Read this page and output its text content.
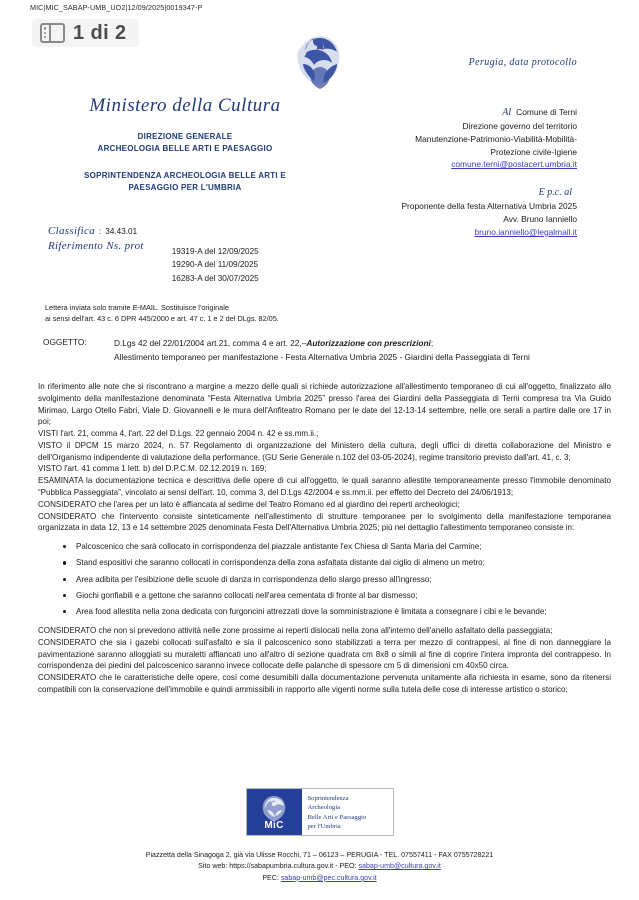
MIC|MIC_SABAP-UMB_UO2|12/09/2025|0019347-P
1 di 2
Ministero della Cultura
DIREZIONE GENERALE
ARCHEOLOGIA BELLE ARTI E PAESAGGIO
SOPRINTENDENZA ARCHEOLOGIA BELLE ARTI E
PAESAGGIO PER L'UMBRIA
Perugia, data protocollo
Al Comune di Terni
Direzione governo del territorio
Manutenzione-Patrimonio-Viabilità-Mobilità-
Protezione civile-Igiene
comune.terni@postacert.umbria.it
E p.c. al
Proponente della festa Alternativa Umbria 2025
Avv. Bruno Ianniello
bruno.ianniello@legalmail.it
Classifica : 34.43.01
Riferimento Ns. prot	19319-A del 12/09/2025
19290-A del 11/09/2025
16283-A del 30/07/2025
Lettera inviata solo tramite E-MAIL. Sostituisce l'originale
ai sensi dell'art. 43 c. 6 DPR 445/2000 e art. 47 c. 1 e 2 del DLgs. 82/05.
OGGETTO:	D.Lgs 42 del 22/01/2004 art.21, comma 4 e art. 22,–Autorizzazione con prescrizioni;
Allestimento temporaneo per manifestazione - Festa Alternativa Umbria 2025 - Giardini della Passeggiata di Terni

In riferimento alle note che si riscontrano a margine a mezzo delle quali si richiede autorizzazione all'allestimento temporaneo di cui all'oggetto, finalizzato allo svolgimento della manifestazione denominata “Festa Alternativa Umbria 2025” presso l'area dei Giardini della Passeggiata di Terni compresa tra Via Guido Mirimao, Largo Otello Fabri, Viale D. Giovannelli e le mura dell'Anfiteatro Romano per le date del 12-13-14 settembre, nelle ore serali a partire dalle ore 17 in poi;

VISTI l'art. 21, comma 4, l'art. 22 del D.Lgs. 22 gennaio 2004 n. 42 e ss.mm.ii.;

VISTO il DPCM 15 marzo 2024, n. 57 Regolamento di organizzazione del Ministero della cultura, degli uffici di diretta collaborazione del Ministro e dell'Organismo indipendente di valutazione della performance. (GU Serie Generale n.102 del 03-05-2024), regime transitorio previsto dall'art. 41, c. 3;

VISTO l'art. 41 comma 1 lett. b) del D.P.C.M. 02.12.2019 n. 169;

ESAMINATA la documentazione tecnica e descrittiva delle opere di cui all'oggetto, le quali saranno allestite temporaneamente presso l'immobile denominato “Pubblica Passeggiata”, vincolato ai sensi dell'art. 10, comma 3, del D.Lgs 42/2004 e ss.mm.ii. per effetto del Decreto del 24/06/1913;

CONSIDERATO che l'area per un lato è affiancata al sedime del Teatro Romano ed al giardino dei reperti archeologici;

CONSIDERATO che l'intervento consiste sinteticamente nell'allestimento di strutture temporanee per lo svolgimento della manifestazione temporanea organizzata in data 12, 13 e 14 settembre 2025 denominata Festa Dell'Alternativa Umbria 2025; più nel dettaglio l'allestimento temporaneo consiste in:

Palcoscenico che sarà collocato in corrispondenza del piazzale antistante l'ex Chiesa di Santa Maria del Carmine;
Stand espositivi che saranno collocati in corrispondenza della zona asfaltata distante dal ciglio di almeno un metro;
Area adibita per l'esibizione delle scuole di danza in corrispondenza dello slargo presso all'ingresso;
Giochi gonfiabili e a gettone che saranno collocati nell'area cementata di fronte al bar dismesso;
Area food allestita nella zona dedicata con furgoncini attrezzati dove la somministrazione è limitata a consegnare i cibi e le bevande;

CONSIDERATO che non si prevedono attività nelle zone prossime ai reperti dislocati nella zona all'interno dell'anello asfaltato della passeggiata;

CONSIDERATO che sia i gazebi collocati sull'asfalto e sia il palcoscenico sono stabilizzati a terra per mezzo di contrappesi, al fine di non danneggiare la pavimentazione saranno alloggiati su muraletti affiancati uno all'altro di sezione quadrata cm 8x8 o simili al fine di coprire l'intera impronta del contrappeso. In corrispondenza dei piedini del palcoscenico saranno invece collocate delle palanche di spessore cm 5 di dimensioni cm 40x50 circa.

CONSIDERATO che le caratteristiche delle opere, così come desumibili dalla documentazione pervenuta unitamente alla richiesta in esame, sono da ritenersi compatibili con la conservazione dell'immobile e quindi ammissibili in rapporto alle vigenti norme sulla tutela delle cose di interesse artistico o storico;

MiC
Soprintendenza
Archeologia
Belle Arti e Paesaggio
per l'Umbria
Piazzetta della Sinagoga 2, già via Ulisse Rocchi, 71 – 06123 – PERUGIA - TEL. 07557411 - FAX 0755728221
Sito web: https://sabapumbria.cultura.gov.it - PEO: sabap-umb@cultura.gov.it
PEC: sabap-umb@pec.cultura.gov.it
